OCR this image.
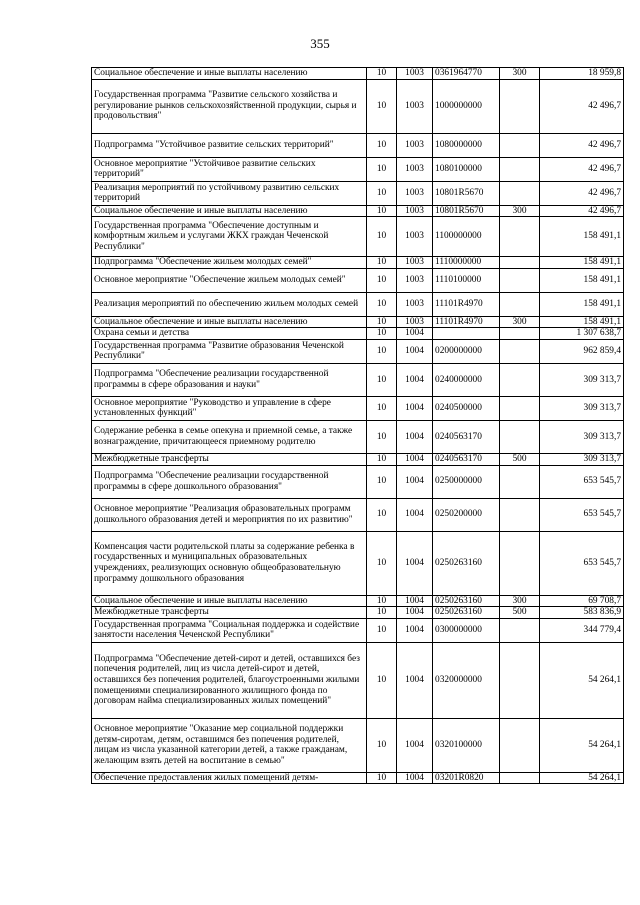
355
Социальное обеспечение и иные выплаты населению	10	1003	0361964770	300	18 959,8
Государственная программа "Развитие сельского хозяйства и регулирование рынков сельскохозяйственной продукции, сырья и продовольствия"	10	1003	1000000000		42 496,7
Подпрограмма "Устойчивое развитие сельских территорий"	10	1003	1080000000		42 496,7
Основное мероприятие "Устойчивое развитие сельских территорий"	10	1003	1080100000		42 496,7
Реализация мероприятий по устойчивому развитию сельских территорий	10	1003	10801R5670		42 496,7
Социальное обеспечение и иные выплаты населению	10	1003	10801R5670	300	42 496,7
Государственная программа "Обеспечение доступным и комфортным жильем и услугами ЖКХ граждан Чеченской Республики"	10	1003	1100000000		158 491,1
Подпрограмма "Обеспечение жильем молодых семей"	10	1003	1110000000		158 491,1
Основное мероприятие "Обеспечение жильем молодых семей"	10	1003	1110100000		158 491,1
Реализация мероприятий по обеспечению жильем молодых семей	10	1003	11101R4970		158 491,1
Социальное обеспечение и иные выплаты населению	10	1003	11101R4970	300	158 491,1
Охрана семьи и детства	10	1004			1 307 638,7
Государственная программа "Развитие образования Чеченской Республики"	10	1004	0200000000		962 859,4
Подпрограмма "Обеспечение реализации государственной программы в сфере образования и науки"	10	1004	0240000000		309 313,7
Основное мероприятие "Руководство и управление в сфере установленных функций"	10	1004	0240500000		309 313,7
Содержание ребенка в семье опекуна и приемной семье, а также вознаграждение, причитающееся приемному родителю	10	1004	0240563170		309 313,7
Межбюджетные трансферты	10	1004	0240563170	500	309 313,7
Подпрограмма "Обеспечение реализации государственной программы в сфере дошкольного образования"	10	1004	0250000000		653 545,7
Основное мероприятие "Реализация образовательных программ дошкольного образования детей и мероприятия по их развитию"	10	1004	0250200000		653 545,7
Компенсация части родительской платы за содержание ребенка в государственных и муниципальных образовательных учреждениях, реализующих основную общеобразовательную программу дошкольного образования	10	1004	0250263160		653 545,7
Социальное обеспечение и иные выплаты населению	10	1004	0250263160	300	69 708,7
Межбюджетные трансферты	10	1004	0250263160	500	583 836,9
Государственная программа "Социальная поддержка и содействие занятости населения Чеченской Республики"	10	1004	0300000000		344 779,4
Подпрограмма "Обеспечение детей-сирот и детей, оставшихся без попечения родителей, лиц из числа детей-сирот и детей, оставшихся без попечения родителей, благоустроенными жилыми помещениями специализированного жилищного фонда по договорам найма специализированных жилых помещений"	10	1004	0320000000		54 264,1
Основное мероприятие "Оказание мер социальной поддержки детям-сиротам, детям, оставшимся без попечения родителей, лицам из числа указанной категории детей, а также гражданам, желающим взять детей на воспитание в семью"	10	1004	0320100000		54 264,1
Обеспечение предоставления жилых помещений детям-	10	1004	03201R0820		54 264,1
